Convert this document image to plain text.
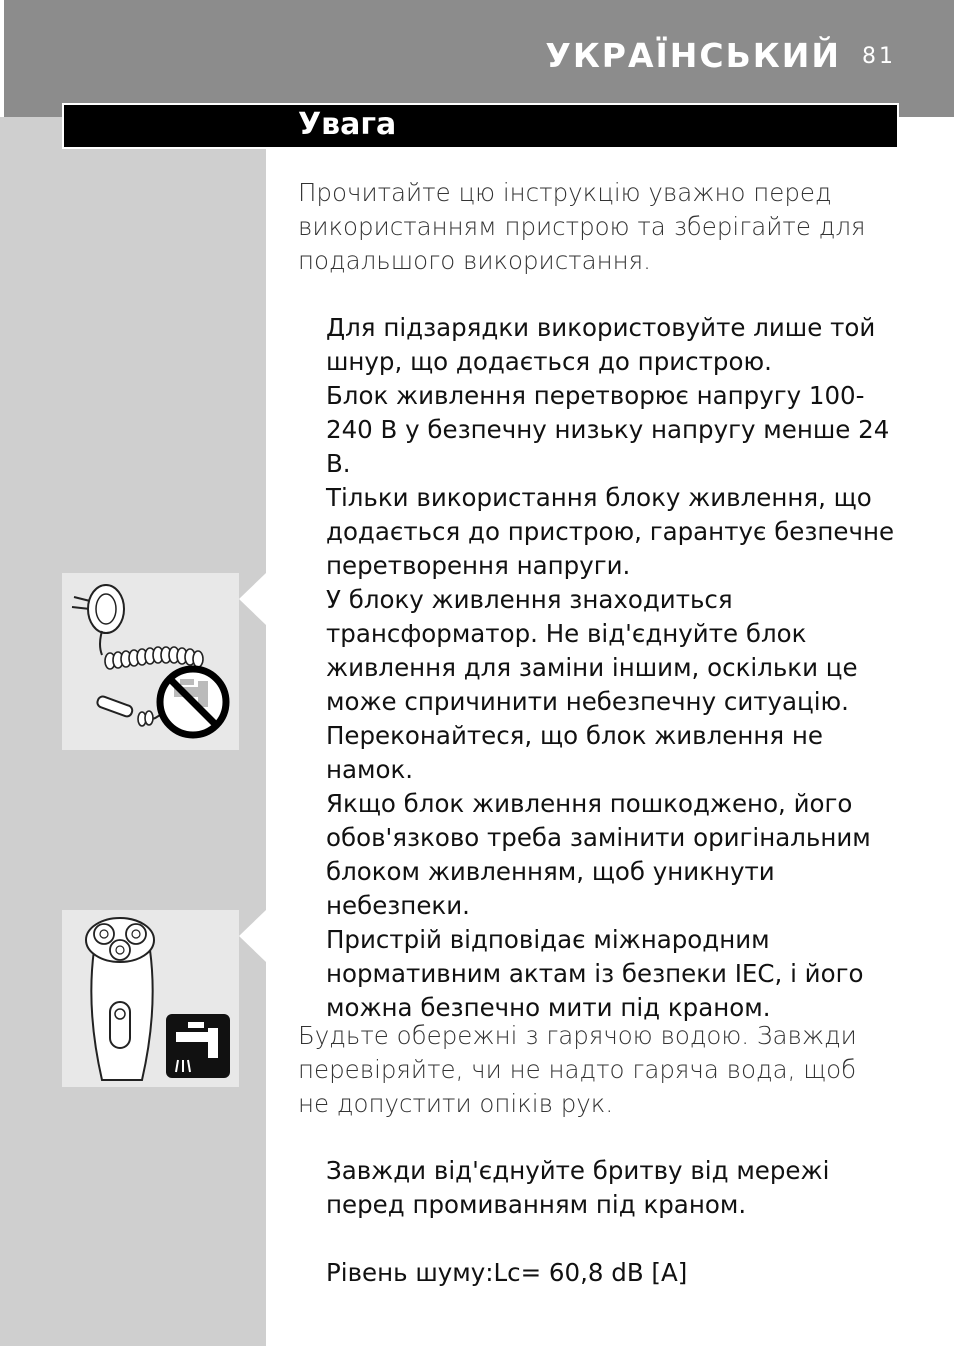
УКРАЇНСЬКИЙ 81
Увага

Прочитайте цю інструкцію уважно перед використанням пристрою та зберігайте для подальшого використання.

Для підзарядки використовуйте лише той шнур, що додається до пристрою.

Блок живлення перетворює напругу 100-240 В у безпечну низьку напругу менше 24 В.

Тільки використання блоку живлення, що додається до пристрою, гарантує безпечне перетворення напруги.

У блоку живлення знаходиться трансформатор. Не від'єднуйте блок живлення для заміни іншим, оскільки це може спричинити небезпечну ситуацію.

Переконайтеся, що блок живлення не намок.

Якщо блок живлення пошкоджено, його обов'язково треба замінити оригінальним блоком живленням, щоб уникнути небезпеки.

Пристрій відповідає міжнародним нормативним актам із безпеки IEC, і його можна безпечно мити під краном.

Будьте обережні з гарячою водою. Завжди перевіряйте, чи не надто гаряча вода, щоб не допустити опіків рук.

Завжди від'єднуйте бритву від мережі перед промиванням під краном.

Рівень шуму:Lc= 60,8 dB [A]
